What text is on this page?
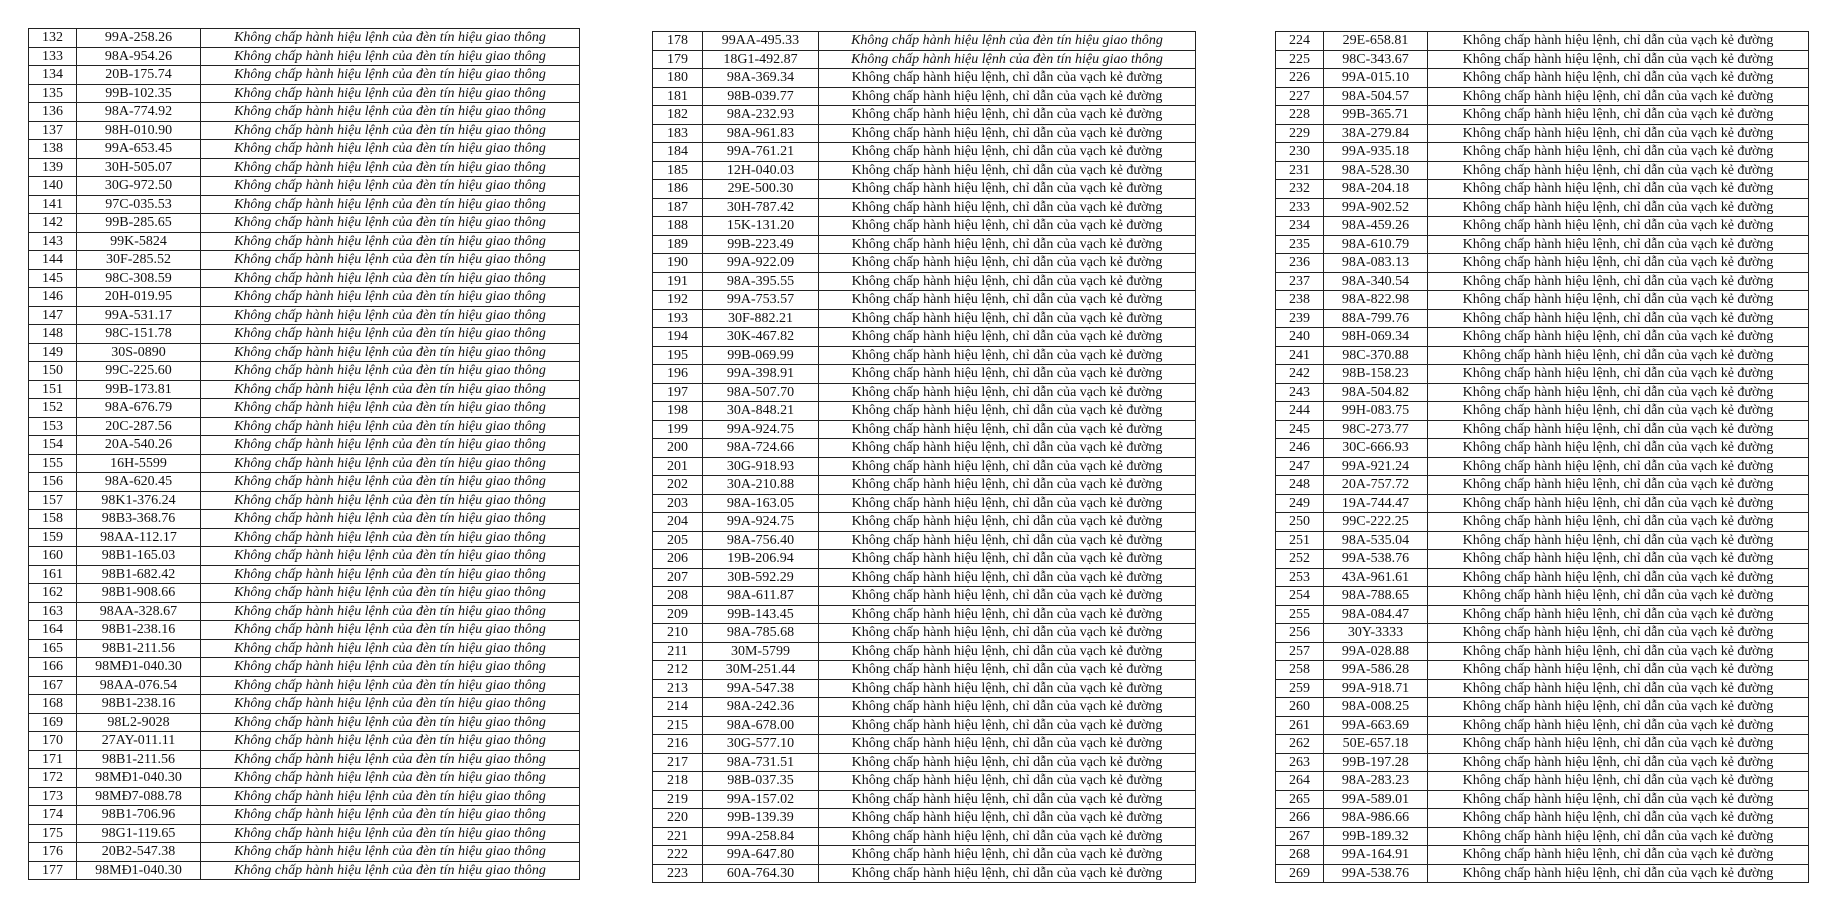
132	99A-258.26	Không chấp hành hiệu lệnh của đèn tín hiệu giao thông
133	98A-954.26	Không chấp hành hiệu lệnh của đèn tín hiệu giao thông
134	20B-175.74	Không chấp hành hiệu lệnh của đèn tín hiệu giao thông
135	99B-102.35	Không chấp hành hiệu lệnh của đèn tín hiệu giao thông
136	98A-774.92	Không chấp hành hiệu lệnh của đèn tín hiệu giao thông
137	98H-010.90	Không chấp hành hiệu lệnh của đèn tín hiệu giao thông
138	99A-653.45	Không chấp hành hiệu lệnh của đèn tín hiệu giao thông
139	30H-505.07	Không chấp hành hiệu lệnh của đèn tín hiệu giao thông
140	30G-972.50	Không chấp hành hiệu lệnh của đèn tín hiệu giao thông
141	97C-035.53	Không chấp hành hiệu lệnh của đèn tín hiệu giao thông
142	99B-285.65	Không chấp hành hiệu lệnh của đèn tín hiệu giao thông
143	99K-5824	Không chấp hành hiệu lệnh của đèn tín hiệu giao thông
144	30F-285.52	Không chấp hành hiệu lệnh của đèn tín hiệu giao thông
145	98C-308.59	Không chấp hành hiệu lệnh của đèn tín hiệu giao thông
146	20H-019.95	Không chấp hành hiệu lệnh của đèn tín hiệu giao thông
147	99A-531.17	Không chấp hành hiệu lệnh của đèn tín hiệu giao thông
148	98C-151.78	Không chấp hành hiệu lệnh của đèn tín hiệu giao thông
149	30S-0890	Không chấp hành hiệu lệnh của đèn tín hiệu giao thông
150	99C-225.60	Không chấp hành hiệu lệnh của đèn tín hiệu giao thông
151	99B-173.81	Không chấp hành hiệu lệnh của đèn tín hiệu giao thông
152	98A-676.79	Không chấp hành hiệu lệnh của đèn tín hiệu giao thông
153	20C-287.56	Không chấp hành hiệu lệnh của đèn tín hiệu giao thông
154	20A-540.26	Không chấp hành hiệu lệnh của đèn tín hiệu giao thông
155	16H-5599	Không chấp hành hiệu lệnh của đèn tín hiệu giao thông
156	98A-620.45	Không chấp hành hiệu lệnh của đèn tín hiệu giao thông
157	98K1-376.24	Không chấp hành hiệu lệnh của đèn tín hiệu giao thông
158	98B3-368.76	Không chấp hành hiệu lệnh của đèn tín hiệu giao thông
159	98AA-112.17	Không chấp hành hiệu lệnh của đèn tín hiệu giao thông
160	98B1-165.03	Không chấp hành hiệu lệnh của đèn tín hiệu giao thông
161	98B1-682.42	Không chấp hành hiệu lệnh của đèn tín hiệu giao thông
162	98B1-908.66	Không chấp hành hiệu lệnh của đèn tín hiệu giao thông
163	98AA-328.67	Không chấp hành hiệu lệnh của đèn tín hiệu giao thông
164	98B1-238.16	Không chấp hành hiệu lệnh của đèn tín hiệu giao thông
165	98B1-211.56	Không chấp hành hiệu lệnh của đèn tín hiệu giao thông
166	98MĐ1-040.30	Không chấp hành hiệu lệnh của đèn tín hiệu giao thông
167	98AA-076.54	Không chấp hành hiệu lệnh của đèn tín hiệu giao thông
168	98B1-238.16	Không chấp hành hiệu lệnh của đèn tín hiệu giao thông
169	98L2-9028	Không chấp hành hiệu lệnh của đèn tín hiệu giao thông
170	27AY-011.11	Không chấp hành hiệu lệnh của đèn tín hiệu giao thông
171	98B1-211.56	Không chấp hành hiệu lệnh của đèn tín hiệu giao thông
172	98MĐ1-040.30	Không chấp hành hiệu lệnh của đèn tín hiệu giao thông
173	98MĐ7-088.78	Không chấp hành hiệu lệnh của đèn tín hiệu giao thông
174	98B1-706.96	Không chấp hành hiệu lệnh của đèn tín hiệu giao thông
175	98G1-119.65	Không chấp hành hiệu lệnh của đèn tín hiệu giao thông
176	20B2-547.38	Không chấp hành hiệu lệnh của đèn tín hiệu giao thông
177	98MĐ1-040.30	Không chấp hành hiệu lệnh của đèn tín hiệu giao thông
178	99AA-495.33	Không chấp hành hiệu lệnh của đèn tín hiệu giao thông
179	18G1-492.87	Không chấp hành hiệu lệnh của đèn tín hiệu giao thông
180	98A-369.34	Không chấp hành hiệu lệnh, chỉ dẫn của vạch kẻ đường
181	98B-039.77	Không chấp hành hiệu lệnh, chỉ dẫn của vạch kẻ đường
182	98A-232.93	Không chấp hành hiệu lệnh, chỉ dẫn của vạch kẻ đường
183	98A-961.83	Không chấp hành hiệu lệnh, chỉ dẫn của vạch kẻ đường
184	99A-761.21	Không chấp hành hiệu lệnh, chỉ dẫn của vạch kẻ đường
185	12H-040.03	Không chấp hành hiệu lệnh, chỉ dẫn của vạch kẻ đường
186	29E-500.30	Không chấp hành hiệu lệnh, chỉ dẫn của vạch kẻ đường
187	30H-787.42	Không chấp hành hiệu lệnh, chỉ dẫn của vạch kẻ đường
188	15K-131.20	Không chấp hành hiệu lệnh, chỉ dẫn của vạch kẻ đường
189	99B-223.49	Không chấp hành hiệu lệnh, chỉ dẫn của vạch kẻ đường
190	99A-922.09	Không chấp hành hiệu lệnh, chỉ dẫn của vạch kẻ đường
191	98A-395.55	Không chấp hành hiệu lệnh, chỉ dẫn của vạch kẻ đường
192	99A-753.57	Không chấp hành hiệu lệnh, chỉ dẫn của vạch kẻ đường
193	30F-882.21	Không chấp hành hiệu lệnh, chỉ dẫn của vạch kẻ đường
194	30K-467.82	Không chấp hành hiệu lệnh, chỉ dẫn của vạch kẻ đường
195	99B-069.99	Không chấp hành hiệu lệnh, chỉ dẫn của vạch kẻ đường
196	99A-398.91	Không chấp hành hiệu lệnh, chỉ dẫn của vạch kẻ đường
197	98A-507.70	Không chấp hành hiệu lệnh, chỉ dẫn của vạch kẻ đường
198	30A-848.21	Không chấp hành hiệu lệnh, chỉ dẫn của vạch kẻ đường
199	99A-924.75	Không chấp hành hiệu lệnh, chỉ dẫn của vạch kẻ đường
200	98A-724.66	Không chấp hành hiệu lệnh, chỉ dẫn của vạch kẻ đường
201	30G-918.93	Không chấp hành hiệu lệnh, chỉ dẫn của vạch kẻ đường
202	30A-210.88	Không chấp hành hiệu lệnh, chỉ dẫn của vạch kẻ đường
203	98A-163.05	Không chấp hành hiệu lệnh, chỉ dẫn của vạch kẻ đường
204	99A-924.75	Không chấp hành hiệu lệnh, chỉ dẫn của vạch kẻ đường
205	98A-756.40	Không chấp hành hiệu lệnh, chỉ dẫn của vạch kẻ đường
206	19B-206.94	Không chấp hành hiệu lệnh, chỉ dẫn của vạch kẻ đường
207	30B-592.29	Không chấp hành hiệu lệnh, chỉ dẫn của vạch kẻ đường
208	98A-611.87	Không chấp hành hiệu lệnh, chỉ dẫn của vạch kẻ đường
209	99B-143.45	Không chấp hành hiệu lệnh, chỉ dẫn của vạch kẻ đường
210	98A-785.68	Không chấp hành hiệu lệnh, chỉ dẫn của vạch kẻ đường
211	30M-5799	Không chấp hành hiệu lệnh, chỉ dẫn của vạch kẻ đường
212	30M-251.44	Không chấp hành hiệu lệnh, chỉ dẫn của vạch kẻ đường
213	99A-547.38	Không chấp hành hiệu lệnh, chỉ dẫn của vạch kẻ đường
214	98A-242.36	Không chấp hành hiệu lệnh, chỉ dẫn của vạch kẻ đường
215	98A-678.00	Không chấp hành hiệu lệnh, chỉ dẫn của vạch kẻ đường
216	30G-577.10	Không chấp hành hiệu lệnh, chỉ dẫn của vạch kẻ đường
217	98A-731.51	Không chấp hành hiệu lệnh, chỉ dẫn của vạch kẻ đường
218	98B-037.35	Không chấp hành hiệu lệnh, chỉ dẫn của vạch kẻ đường
219	99A-157.02	Không chấp hành hiệu lệnh, chỉ dẫn của vạch kẻ đường
220	99B-139.39	Không chấp hành hiệu lệnh, chỉ dẫn của vạch kẻ đường
221	99A-258.84	Không chấp hành hiệu lệnh, chỉ dẫn của vạch kẻ đường
222	99A-647.80	Không chấp hành hiệu lệnh, chỉ dẫn của vạch kẻ đường
223	60A-764.30	Không chấp hành hiệu lệnh, chỉ dẫn của vạch kẻ đường
224	29E-658.81	Không chấp hành hiệu lệnh, chỉ dẫn của vạch kẻ đường
225	98C-343.67	Không chấp hành hiệu lệnh, chỉ dẫn của vạch kẻ đường
226	99A-015.10	Không chấp hành hiệu lệnh, chỉ dẫn của vạch kẻ đường
227	98A-504.57	Không chấp hành hiệu lệnh, chỉ dẫn của vạch kẻ đường
228	99B-365.71	Không chấp hành hiệu lệnh, chỉ dẫn của vạch kẻ đường
229	38A-279.84	Không chấp hành hiệu lệnh, chỉ dẫn của vạch kẻ đường
230	99A-935.18	Không chấp hành hiệu lệnh, chỉ dẫn của vạch kẻ đường
231	98A-528.30	Không chấp hành hiệu lệnh, chỉ dẫn của vạch kẻ đường
232	98A-204.18	Không chấp hành hiệu lệnh, chỉ dẫn của vạch kẻ đường
233	99A-902.52	Không chấp hành hiệu lệnh, chỉ dẫn của vạch kẻ đường
234	98A-459.26	Không chấp hành hiệu lệnh, chỉ dẫn của vạch kẻ đường
235	98A-610.79	Không chấp hành hiệu lệnh, chỉ dẫn của vạch kẻ đường
236	98A-083.13	Không chấp hành hiệu lệnh, chỉ dẫn của vạch kẻ đường
237	98A-340.54	Không chấp hành hiệu lệnh, chỉ dẫn của vạch kẻ đường
238	98A-822.98	Không chấp hành hiệu lệnh, chỉ dẫn của vạch kẻ đường
239	88A-799.76	Không chấp hành hiệu lệnh, chỉ dẫn của vạch kẻ đường
240	98H-069.34	Không chấp hành hiệu lệnh, chỉ dẫn của vạch kẻ đường
241	98C-370.88	Không chấp hành hiệu lệnh, chỉ dẫn của vạch kẻ đường
242	98B-158.23	Không chấp hành hiệu lệnh, chỉ dẫn của vạch kẻ đường
243	98A-504.82	Không chấp hành hiệu lệnh, chỉ dẫn của vạch kẻ đường
244	99H-083.75	Không chấp hành hiệu lệnh, chỉ dẫn của vạch kẻ đường
245	98C-273.77	Không chấp hành hiệu lệnh, chỉ dẫn của vạch kẻ đường
246	30C-666.93	Không chấp hành hiệu lệnh, chỉ dẫn của vạch kẻ đường
247	99A-921.24	Không chấp hành hiệu lệnh, chỉ dẫn của vạch kẻ đường
248	20A-757.72	Không chấp hành hiệu lệnh, chỉ dẫn của vạch kẻ đường
249	19A-744.47	Không chấp hành hiệu lệnh, chỉ dẫn của vạch kẻ đường
250	99C-222.25	Không chấp hành hiệu lệnh, chỉ dẫn của vạch kẻ đường
251	98A-535.04	Không chấp hành hiệu lệnh, chỉ dẫn của vạch kẻ đường
252	99A-538.76	Không chấp hành hiệu lệnh, chỉ dẫn của vạch kẻ đường
253	43A-961.61	Không chấp hành hiệu lệnh, chỉ dẫn của vạch kẻ đường
254	98A-788.65	Không chấp hành hiệu lệnh, chỉ dẫn của vạch kẻ đường
255	98A-084.47	Không chấp hành hiệu lệnh, chỉ dẫn của vạch kẻ đường
256	30Y-3333	Không chấp hành hiệu lệnh, chỉ dẫn của vạch kẻ đường
257	99A-028.88	Không chấp hành hiệu lệnh, chỉ dẫn của vạch kẻ đường
258	99A-586.28	Không chấp hành hiệu lệnh, chỉ dẫn của vạch kẻ đường
259	99A-918.71	Không chấp hành hiệu lệnh, chỉ dẫn của vạch kẻ đường
260	98A-008.25	Không chấp hành hiệu lệnh, chỉ dẫn của vạch kẻ đường
261	99A-663.69	Không chấp hành hiệu lệnh, chỉ dẫn của vạch kẻ đường
262	50E-657.18	Không chấp hành hiệu lệnh, chỉ dẫn của vạch kẻ đường
263	99B-197.28	Không chấp hành hiệu lệnh, chỉ dẫn của vạch kẻ đường
264	98A-283.23	Không chấp hành hiệu lệnh, chỉ dẫn của vạch kẻ đường
265	99A-589.01	Không chấp hành hiệu lệnh, chỉ dẫn của vạch kẻ đường
266	98A-986.66	Không chấp hành hiệu lệnh, chỉ dẫn của vạch kẻ đường
267	99B-189.32	Không chấp hành hiệu lệnh, chỉ dẫn của vạch kẻ đường
268	99A-164.91	Không chấp hành hiệu lệnh, chỉ dẫn của vạch kẻ đường
269	99A-538.76	Không chấp hành hiệu lệnh, chỉ dẫn của vạch kẻ đường
